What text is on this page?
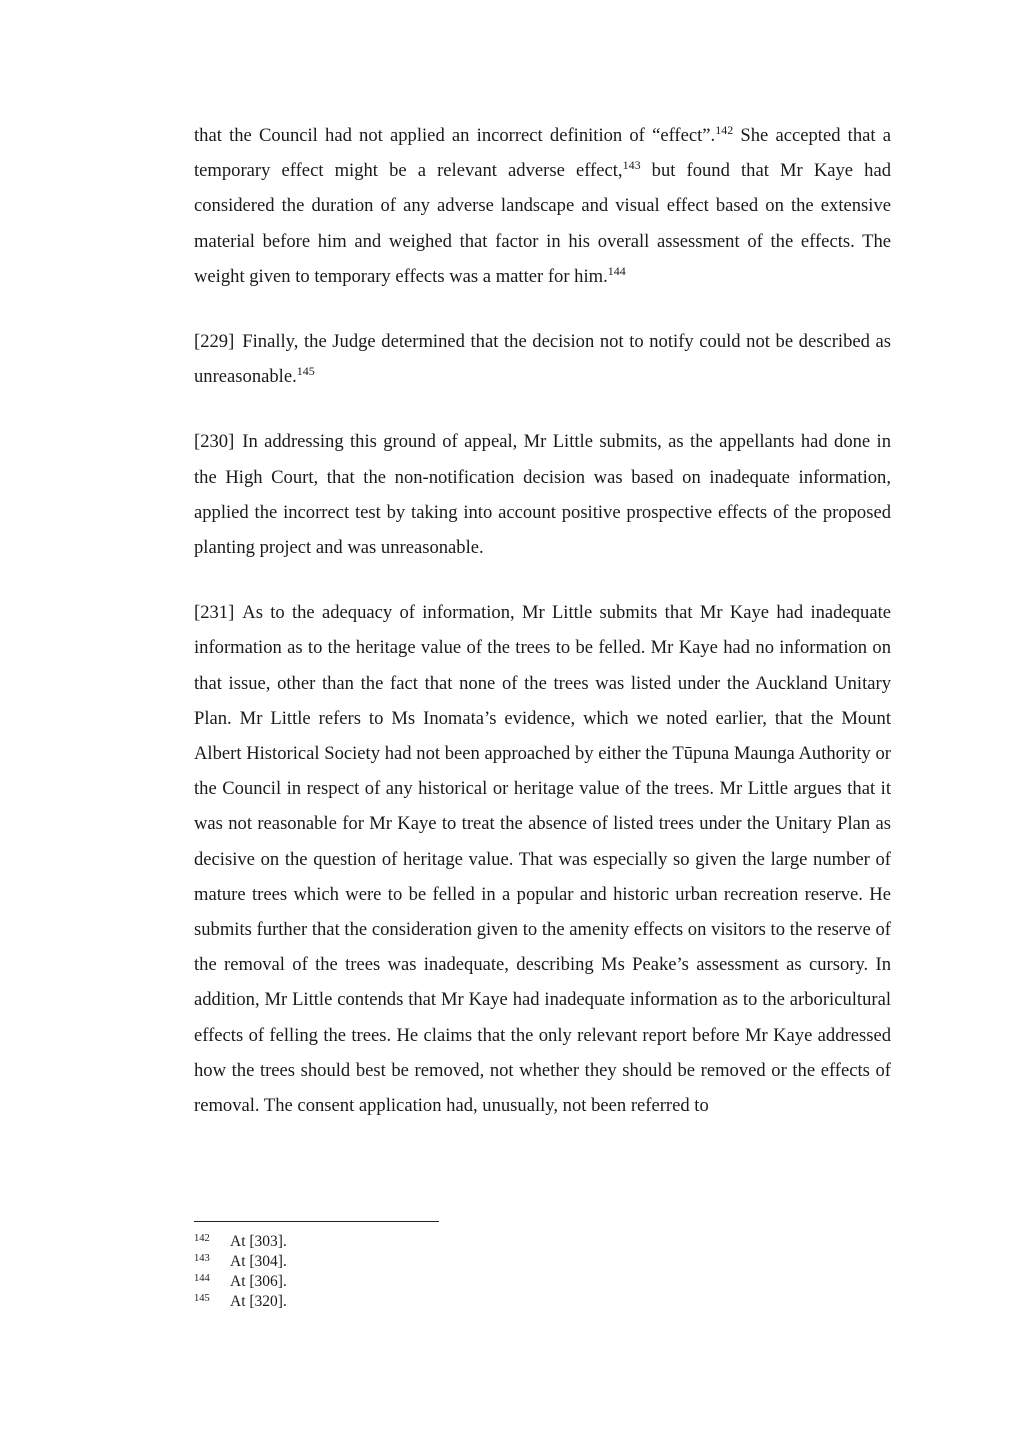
that the Council had not applied an incorrect definition of “effect”.$^{142}$ She accepted that a temporary effect might be a relevant adverse effect,$^{143}$ but found that Mr Kaye had considered the duration of any adverse landscape and visual effect based on the extensive material before him and weighed that factor in his overall assessment of the effects. The weight given to temporary effects was a matter for him.$^{144}$

[229] Finally, the Judge determined that the decision not to notify could not be described as unreasonable.$^{145}$

[230] In addressing this ground of appeal, Mr Little submits, as the appellants had done in the High Court, that the non-notification decision was based on inadequate information, applied the incorrect test by taking into account positive prospective effects of the proposed planting project and was unreasonable.

[231] As to the adequacy of information, Mr Little submits that Mr Kaye had inadequate information as to the heritage value of the trees to be felled. Mr Kaye had no information on that issue, other than the fact that none of the trees was listed under the Auckland Unitary Plan. Mr Little refers to Ms Inomata’s evidence, which we noted earlier, that the Mount Albert Historical Society had not been approached by either the Tūpuna Maunga Authority or the Council in respect of any historical or heritage value of the trees. Mr Little argues that it was not reasonable for Mr Kaye to treat the absence of listed trees under the Unitary Plan as decisive on the question of heritage value. That was especially so given the large number of mature trees which were to be felled in a popular and historic urban recreation reserve. He submits further that the consideration given to the amenity effects on visitors to the reserve of the removal of the trees was inadequate, describing Ms Peake’s assessment as cursory. In addition, Mr Little contends that Mr Kaye had inadequate information as to the arboricultural effects of felling the trees. He claims that the only relevant report before Mr Kaye addressed how the trees should best be removed, not whether they should be removed or the effects of removal. The consent application had, unusually, not been referred to

142	At [303].
143	At [304].
144	At [306].
145	At [320].
